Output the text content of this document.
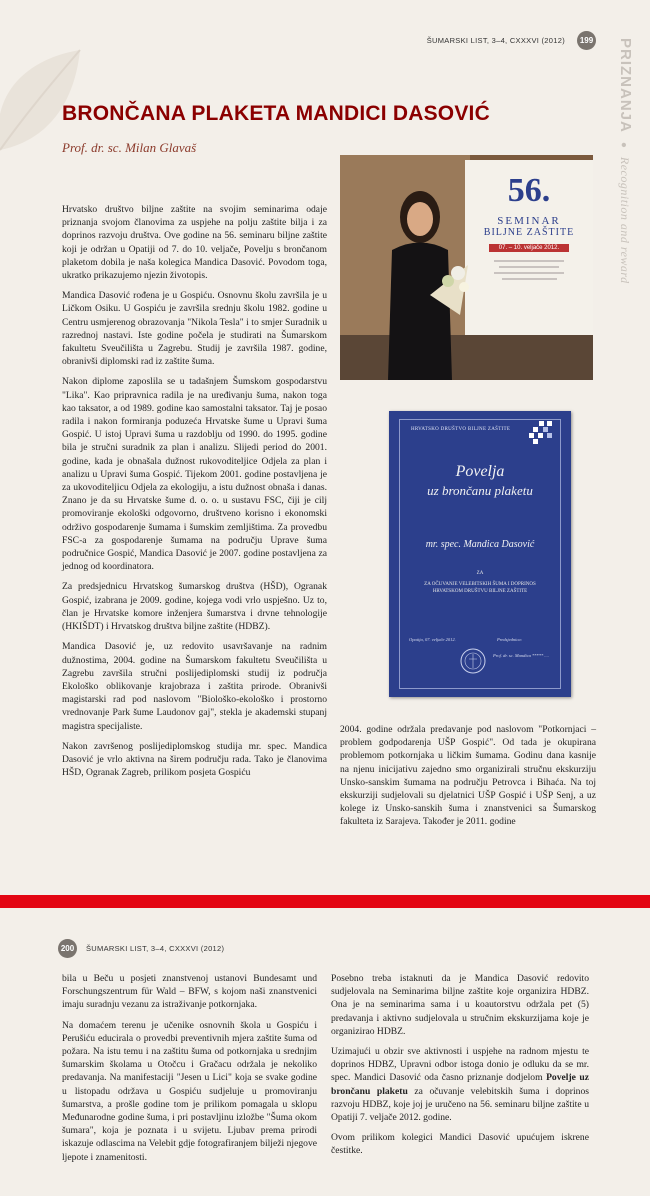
ŠUMARSKI LIST, 3–4, CXXXVI (2012)	199 PRIZNANJA ● Recognition and reward
BRONČANA PLAKETA MANDICI DASOVIĆ
Prof. dr. sc. Milan Glavaš
56.
SEMINAR
BILJNE ZAŠTITE
07. – 10. veljače 2012.
HRVATSKO DRUŠTVO BILJNE ZAŠTITE
Povelja
uz brončanu plaketu
mr. spec. Mandica Dasović
ZA
ZA OČUVANJE VELEBITSKIH ŠUMA I DOPRINOS HRVATSKOM DRUŠTVU BILJNE ZAŠTITE
Opatija, 07. veljače 2012.	Predsjednica:
Prof. dr. sc. Mandica ***** ....

Hrvatsko društvo biljne zaštite na svojim seminarima odaje priznanja svojom članovima za uspjehe na polju zaštite bilja i za doprinos razvoju društva. Ove godine na 56. seminaru biljne zaštite koji je održan u Opatiji od 7. do 10. veljače, Povelju s brončanom plaketom dobila je naša kolegica Mandica Dasović. Povodom toga, ukratko prikazujemo njezin životopis.

Mandica Dasović rođena je u Gospiću. Osnovnu školu završila je u Ličkom Osiku. U Gospiću je završila srednju školu 1982. godine u Centru usmjerenog obrazovanja "Nikola Tesla" i to smjer Suradnik u razrednoj nastavi. Iste godine počela je studirati na Šumarskom fakultetu Sveučilišta u Zagrebu. Studij je završila 1987. godine, obranivši diplomski rad iz zaštite šuma.

Nakon diplome zaposlila se u tadašnjem Šumskom gospodarstvu "Lika". Kao pripravnica radila je na uređivanju šuma, nakon toga kao taksator, a od 1989. godine kao samostalni taksator. Taj je posao radila i nakon formiranja poduzeća Hrvatske šume u Upravi šuma Gospić. U istoj Upravi šuma u razdoblju od 1990. do 1995. godine bila je stručni suradnik za plan i analizu. Slijedi period do 2001. godine, kada je obnašala dužnost rukovoditeljice Odjela za plan i analizu u Upravi šuma Gospić. Tijekom 2001. godine postavljena je za ukovoditeljicu Odjela za ekologiju, a istu dužnost obnaša i danas. Znano je da su Hrvatske šume d. o. o. u sustavu FSC, čiji je cilj promoviranje ekološki odgovorno, društveno korisno i ekonomski održivo gospodarenje šumama i šumskim zemljištima. Za provedbu FSC-a za gospodarenje šumama na području Uprave šuma područnice Gospić, Mandica Dasović je 2007. godine postavljena za jednog od koordinatora.

Za predsjednicu Hrvatskog šumarskog društva (HŠD), Ogranak Gospić, izabrana je 2009. godine, kojega vodi vrlo uspješno. Uz to, član je Hrvatske komore inženjera šumarstva i drvne tehnologije (HKIŠDT) i Hrvatskog društva biljne zaštite (HDBZ).

Mandica Dasović je, uz redovito usavršavanje na radnim dužnostima, 2004. godine na Šumarskom fakultetu Sveučilišta u Zagrebu završila stručni poslijediplomski studij iz područja Ekološko oblikovanje krajobraza i zaštita prirode. Obranivši magistarski rad pod naslovom "Biološko-ekološko i prostorno vrednovanje Park šume Laudonov gaj", stekla je akademski stupanj magistra specijaliste.

Nakon završenog poslijediplomskog studija mr. spec. Mandica Dasović je vrlo aktivna na širem području rada. Tako je članovima HŠD, Ogranak Zagreb, prilikom posjeta Gospiću

2004. godine održala predavanje pod naslovom "Potkornjaci – problem godpodarenja UŠP Gospić". Od tada je okupirana problemom potkornjaka u ličkim šumama. Godinu dana kasnije na njenu inicijativu zajedno smo organizirali stručnu ekskurziju Unsko-sanskim šumama na području Petrovca i Bihaća. Na toj ekskurziji sudjelovali su djelatnici UŠP Gospić i UŠP Senj, a uz kolege iz Unsko-sanskih šuma i znanstvenici sa Šumarskog fakulteta iz Sarajeva. Također je 2011. godine

200	ŠUMARSKI LIST, 3–4, CXXXVI (2012)

bila u Beču u posjeti znanstvenoj ustanovi Bundesamt und Forschungszentrum für Wald – BFW, s kojom naši znanstvenici imaju suradnju vezanu za istraživanje potkornjaka.

Na domaćem terenu je učenike osnovnih škola u Gospiću i Perušiću educirala o provedbi preventivnih mjera zaštite šuma od požara. Na istu temu i na zaštitu šuma od potkornjaka u srednjim šumarskim školama u Otočcu i Gračacu održala je nekoliko predavanja. Na manifestaciji "Jesen u Lici" koja se svake godine u listopadu održava u Gospiću sudjeluje u promoviranju šumarstva, a prošle godine tom je prilikom pomagala u sklopu Međunarodne godine šuma, i pri postavljinu izložbe "Šuma okom šumara", koja je poznata i u svijetu. Ljubav prema prirodi iskazuje odlascima na Velebit gdje fotografiranjem bilježi njegove ljepote i znamenitosti.

Posebno treba istaknuti da je Mandica Dasović redovito sudjelovala na Seminarima biljne zaštite koje organizira HDBZ. Ona je na seminarima sama i u koautorstvu održala pet (5) predavanja i aktivno sudjelovala u stručnim ekskurzijama koje je organizirao HDBZ.

Uzimajući u obzir sve aktivnosti i uspjehe na radnom mjestu te doprinos HDBZ, Upravni odbor istoga donio je odluku da se mr. spec. Mandici Dasović oda časno priznanje dodjelom Povelje uz brončanu plaketu za očuvanje velebitskih šuma i doprinos razvoju HDBZ, koje joj je uručeno na 56. seminaru biljne zaštite u Opatiji 7. veljače 2012. godine.

Ovom prilikom kolegici Mandici Dasović upućujem iskrene čestitke.
